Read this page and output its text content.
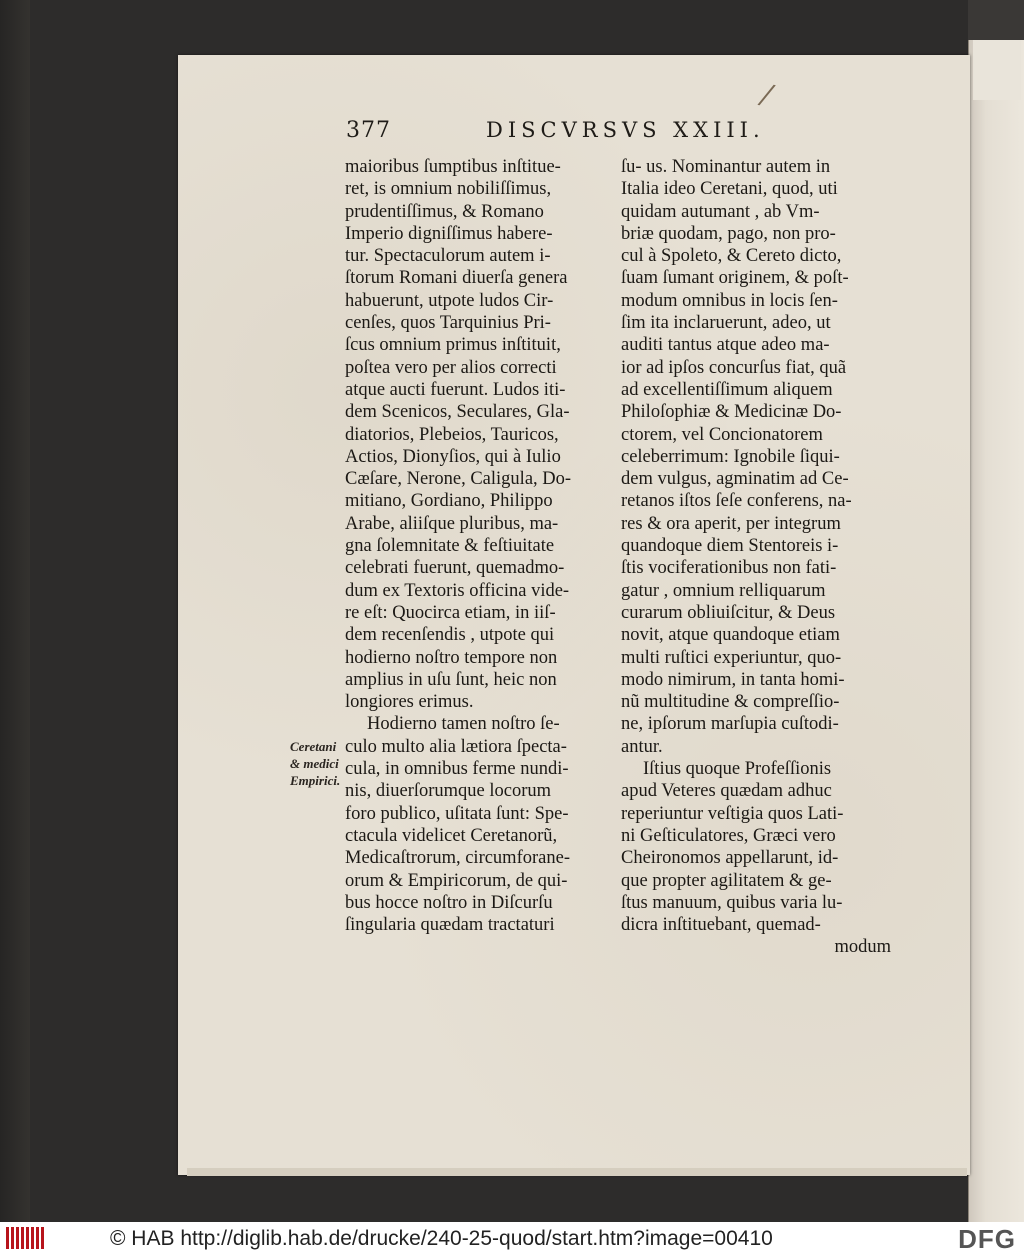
/
377	DISCVRSVS XXIII.
maioribus ſumptibus inſtitue-
ret, is omnium nobiliſſimus,
prudentiſſimus, & Romano
Imperio digniſſimus habere-
tur. Spectaculorum autem i-
ſtorum Romani diuerſa genera
habuerunt, utpote ludos Cir-
cenſes, quos Tarquinius Pri-
ſcus omnium primus inſtituit,
poſtea vero per alios correcti
atque aucti fuerunt. Ludos iti-
dem Scenicos, Seculares, Gla-
diatorios, Plebeios, Tauricos,
Actios, Dionyſios, qui à Iulio
Cæſare, Nerone, Caligula, Do-
mitiano, Gordiano, Philippo
Arabe, aliiſque pluribus, ma-
gna ſolemnitate & feſtiuitate
celebrati fuerunt, quemadmo-
dum ex Textoris officina vide-
re eſt: Quocirca etiam, in iiſ-
dem recenſendis , utpote qui
hodierno noſtro tempore non
amplius in uſu ſunt, heic non
longiores erimus.
Hodierno tamen noſtro ſe-
culo multo alia lætiora ſpecta-
cula, in omnibus ferme nundi-
nis, diuerſorumque locorum
foro publico, uſitata ſunt: Spe-
ctacula videlicet Ceretanorũ,
Medicaſtrorum, circumforane-
orum & Empiricorum, de qui-
bus hocce noſtro in Diſcurſu
ſingularia quædam tractaturi
ſu- us. Nominantur autem in
Italia ideo Ceretani, quod, uti
quidam autumant , ab Vm-
briæ quodam, pago, non pro-
cul à Spoleto, & Cereto dicto,
ſuam ſumant originem, & poſt-
modum omnibus in locis ſen-
ſim ita inclaruerunt, adeo, ut
auditi tantus atque adeo ma-
ior ad ipſos concurſus fiat, quã
ad excellentiſſimum aliquem
Philoſophiæ & Medicinæ Do-
ctorem, vel Concionatorem
celeberrimum: Ignobile ſiqui-
dem vulgus, agminatim ad Ce-
retanos iſtos ſeſe conferens, na-
res & ora aperit, per integrum
quandoque diem Stentoreis i-
ſtis vociferationibus non fati-
gatur , omnium relliquarum
curarum obliuiſcitur, & Deus
novit, atque quandoque etiam
multi ruſtici experiuntur, quo-
modo nimirum, in tanta homi-
nũ multitudine & compreſſio-
ne, ipſorum marſupia cuſtodi-
antur.
Iſtius quoque Profeſſionis
apud Veteres quædam adhuc
reperiuntur veſtigia quos Lati-
ni Geſticulatores, Græci vero
Cheironomos appellarunt, id-
que propter agilitatem & ge-
ſtus manuum, quibus varia lu-
dicra inſtituebant, quemad-
modum
Ceretani
& medici
Empirici.
© HAB http://diglib.hab.de/drucke/240-25-quod/start.htm?image=00410	DFG
